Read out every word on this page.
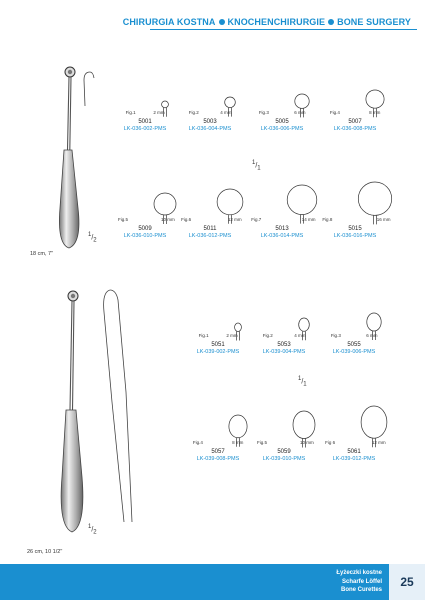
CHIRURGIA KOSTNA KNOCHENCHIRURGIE BONE SURGERY
$^1/_2$
18 cm, 7"
$^1/_1$
Fig.1	2 mm
5001
LK-036-002-PMS
Fig.2	4 mm
5003
LK-036-004-PMS
Fig.3	6 mm
5005
LK-036-006-PMS
Fig.4	8 mm
5007
LK-036-008-PMS
Fig.5	10 mm
5009
LK-036-010-PMS
Fig.6	12 mm
5011
LK-036-012-PMS
Fig.7	14 mm
5013
LK-036-014-PMS
Fig.8	16 mm
5015
LK-036-016-PMS
$^1/_2$
26 cm, 10 1/2"
$^1/_1$
Fig.1	2 mm
5051
LK-039-002-PMS
Fig.2	4 mm
5053
LK-039-004-PMS
Fig.3	6 mm
5055
LK-039-006-PMS
Fig.4	8 mm
5057
LK-039-008-PMS
Fig.5	10 mm
5059
LK-039-010-PMS
Fig 6	12 mm
5061
LK-039-012-PMS
Łyżeczki kostne
Scharfe Löffel
Bone Curettes
25
